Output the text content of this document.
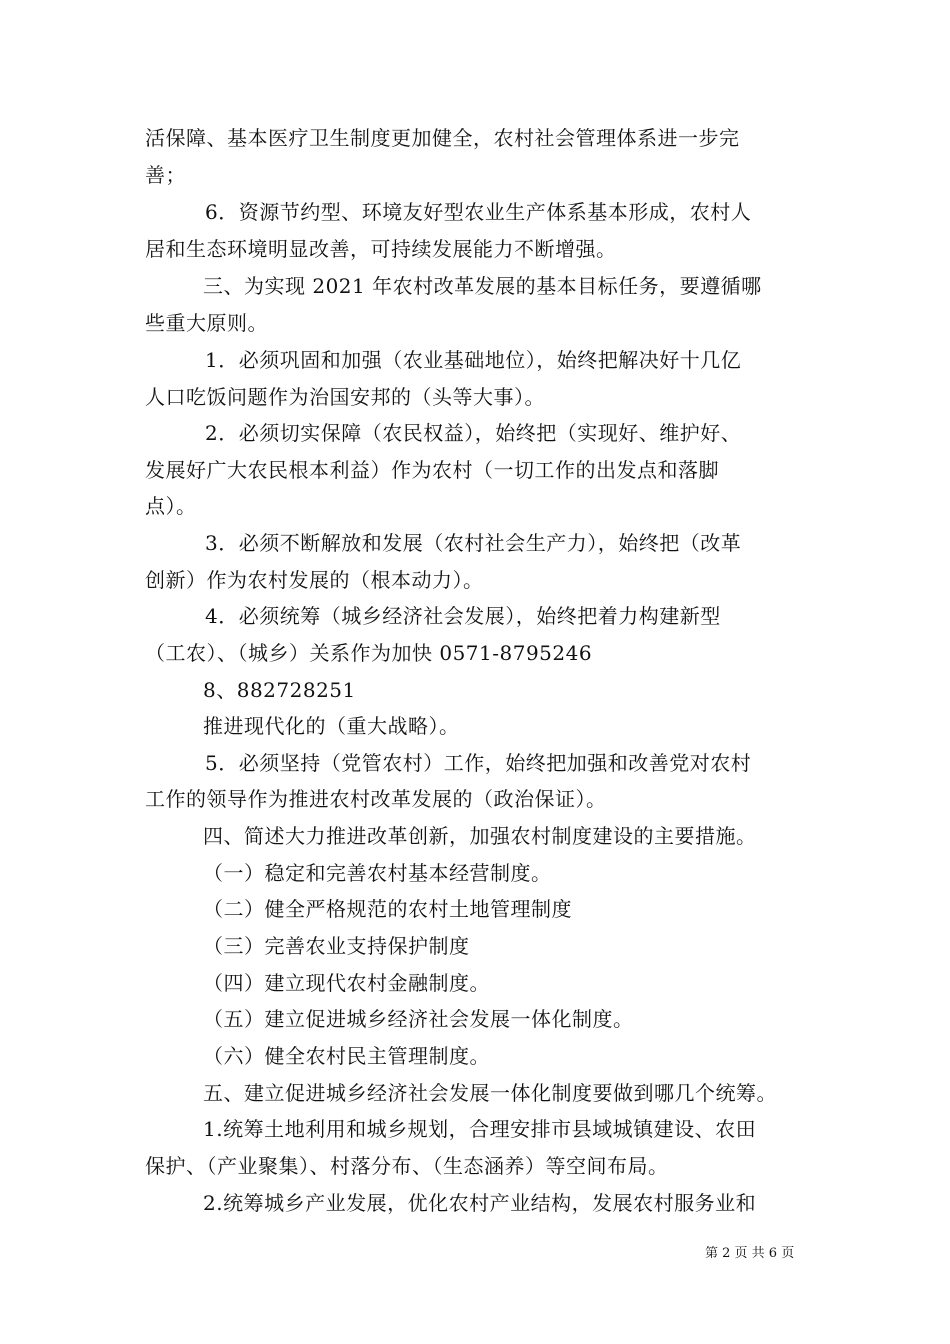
活保障、基本医疗卫生制度更加健全，农村社会管理体系进一步完
善；
6．资源节约型、环境友好型农业生产体系基本形成，农村人
居和生态环境明显改善，可持续发展能力不断增强。
三、为实现 2021 年农村改革发展的基本目标任务，要遵循哪
些重大原则。
1．必须巩固和加强（农业基础地位），始终把解决好十几亿
人口吃饭问题作为治国安邦的（头等大事）。
2．必须切实保障（农民权益），始终把（实现好、维护好、
发展好广大农民根本利益）作为农村（一切工作的出发点和落脚
点）。
3．必须不断解放和发展（农村社会生产力），始终把（改革
创新）作为农村发展的（根本动力）。
4．必须统筹（城乡经济社会发展），始终把着力构建新型
（工农）、（城乡）关系作为加快 0571-8795246
8、882728251
推进现代化的（重大战略）。
5．必须坚持（党管农村）工作，始终把加强和改善党对农村
工作的领导作为推进农村改革发展的（政治保证）。
四、简述大力推进改革创新，加强农村制度建设的主要措施。
（一）稳定和完善农村基本经营制度。
（二）健全严格规范的农村土地管理制度
（三）完善农业支持保护制度
（四）建立现代农村金融制度。
（五）建立促进城乡经济社会发展一体化制度。
（六）健全农村民主管理制度。
五、建立促进城乡经济社会发展一体化制度要做到哪几个统筹。
1.统筹土地利用和城乡规划，合理安排市县域城镇建设、农田
保护、（产业聚集）、村落分布、（生态涵养）等空间布局。
2.统筹城乡产业发展，优化农村产业结构，发展农村服务业和
第 2 页 共 6 页
